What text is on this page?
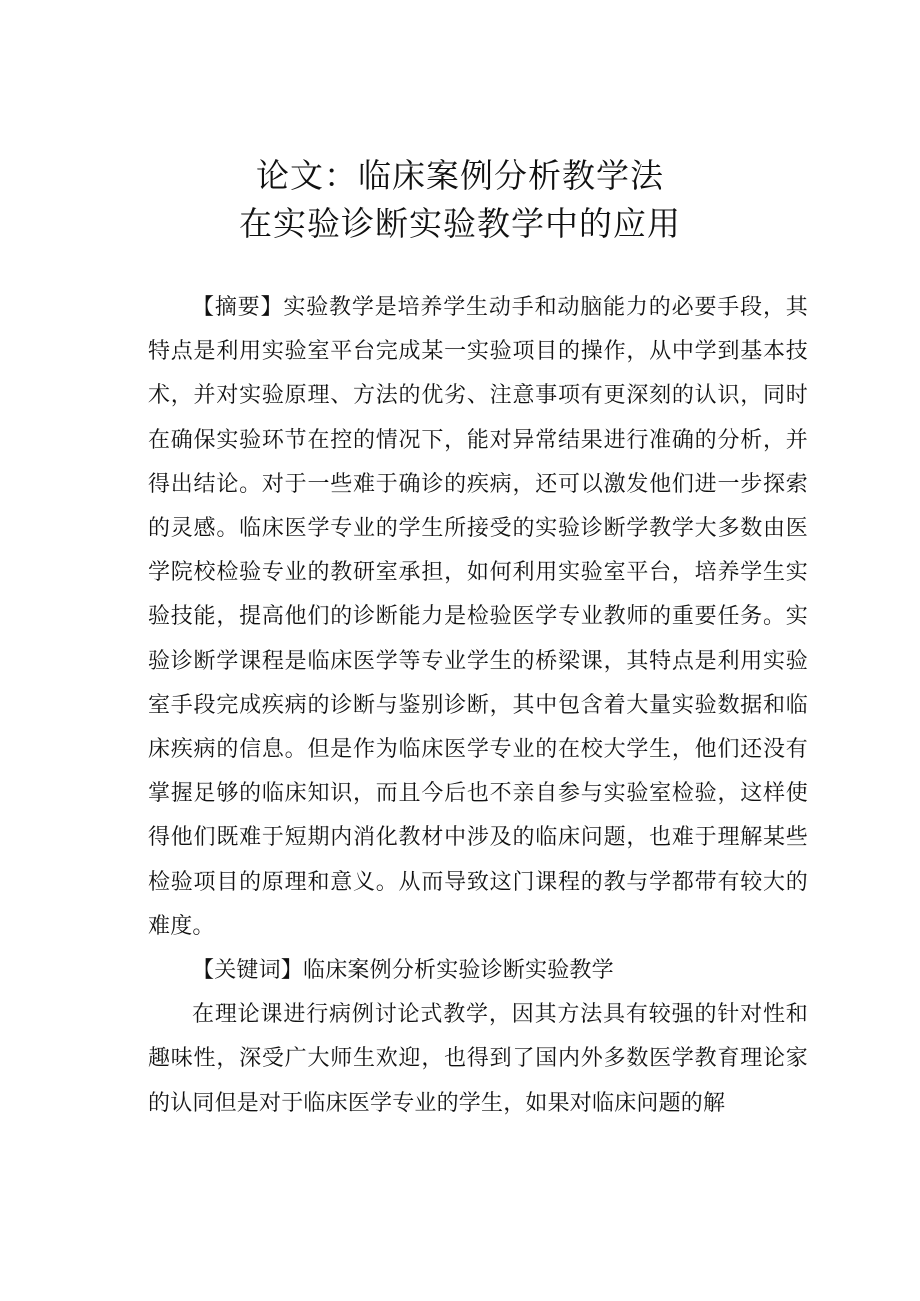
论文：临床案例分析教学法
在实验诊断实验教学中的应用

【摘要】实验教学是培养学生动手和动脑能力的必要手段，其特点是利用实验室平台完成某一实验项目的操作，从中学到基本技术，并对实验原理、方法的优劣、注意事项有更深刻的认识，同时在确保实验环节在控的情况下，能对异常结果进行准确的分析，并得出结论。对于一些难于确诊的疾病，还可以激发他们进一步探索的灵感。临床医学专业的学生所接受的实验诊断学教学大多数由医学院校检验专业的教研室承担，如何利用实验室平台，培养学生实验技能，提高他们的诊断能力是检验医学专业教师的重要任务。实验诊断学课程是临床医学等专业学生的桥梁课，其特点是利用实验室手段完成疾病的诊断与鉴别诊断，其中包含着大量实验数据和临床疾病的信息。但是作为临床医学专业的在校大学生，他们还没有掌握足够的临床知识，而且今后也不亲自参与实验室检验，这样使得他们既难于短期内消化教材中涉及的临床问题，也难于理解某些检验项目的原理和意义。从而导致这门课程的教与学都带有较大的难度。

【关键词】临床案例分析实验诊断实验教学

在理论课进行病例讨论式教学，因其方法具有较强的针对性和趣味性，深受广大师生欢迎，也得到了国内外多数医学教育理论家的认同但是对于临床医学专业的学生，如果对临床问题的解
